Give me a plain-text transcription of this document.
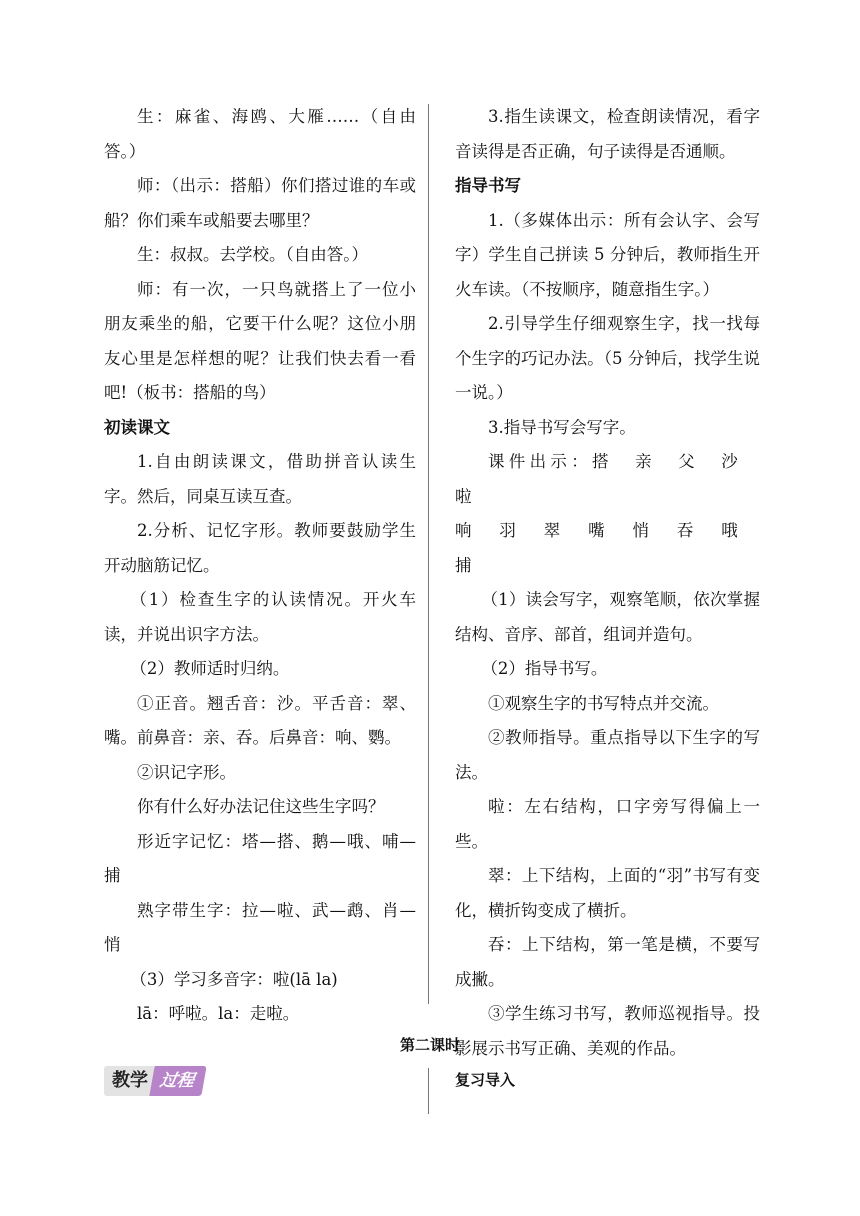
生：麻雀、海鸥、大雁……（自由答。）

师：（出示：搭船）你们搭过谁的车或船？你们乘车或船要去哪里？

生：叔叔。去学校。（自由答。）

师：有一次，一只鸟就搭上了一位小朋友乘坐的船，它要干什么呢？这位小朋友心里是怎样想的呢？让我们快去看一看吧!（板书：搭船的鸟）

初读课文

1.自由朗读课文，借助拼音认读生字。然后，同桌互读互查。

2.分析、记忆字形。教师要鼓励学生开动脑筋记忆。

（1）检查生字的认读情况。开火车读，并说出识字方法。

（2）教师适时归纳。

①正音。翘舌音：沙。平舌音：翠、嘴。前鼻音：亲、吞。后鼻音：响、鹦。

②识记字形。

你有什么好办法记住这些生字吗？

形近字记忆：塔—搭、鹅—哦、哺—捕

熟字带生字：拉—啦、武—鹉、肖—悄

（3）学习多音字：啦(lā la)

lā：呼啦。la：走啦。

3.指生读课文，检查朗读情况，看字音读得是否正确，句子读得是否通顺。

指导书写

1.（多媒体出示：所有会认字、会写字）学生自己拼读 5 分钟后，教师指生开火车读。（不按顺序，随意指生字。）

2.引导学生仔细观察生字，找一找每个生字的巧记办法。（5 分钟后，找学生说一说。）

3.指导书写会写字。

课件出示：搭亲父沙啦

响羽翠嘴悄吞哦捕

（1）读会写字，观察笔顺，依次掌握结构、音序、部首，组词并造句。

（2）指导书写。

①观察生字的书写特点并交流。

②教师指导。重点指导以下生字的写法。

啦：左右结构，口字旁写得偏上一些。

翠：上下结构，上面的“羽”书写有变化，横折钩变成了横折。

吞：上下结构，第一笔是横，不要写成撇。

③学生练习书写，教师巡视指导。投影展示书写正确、美观的作品。

第二课时
教学 过程	复习导入
